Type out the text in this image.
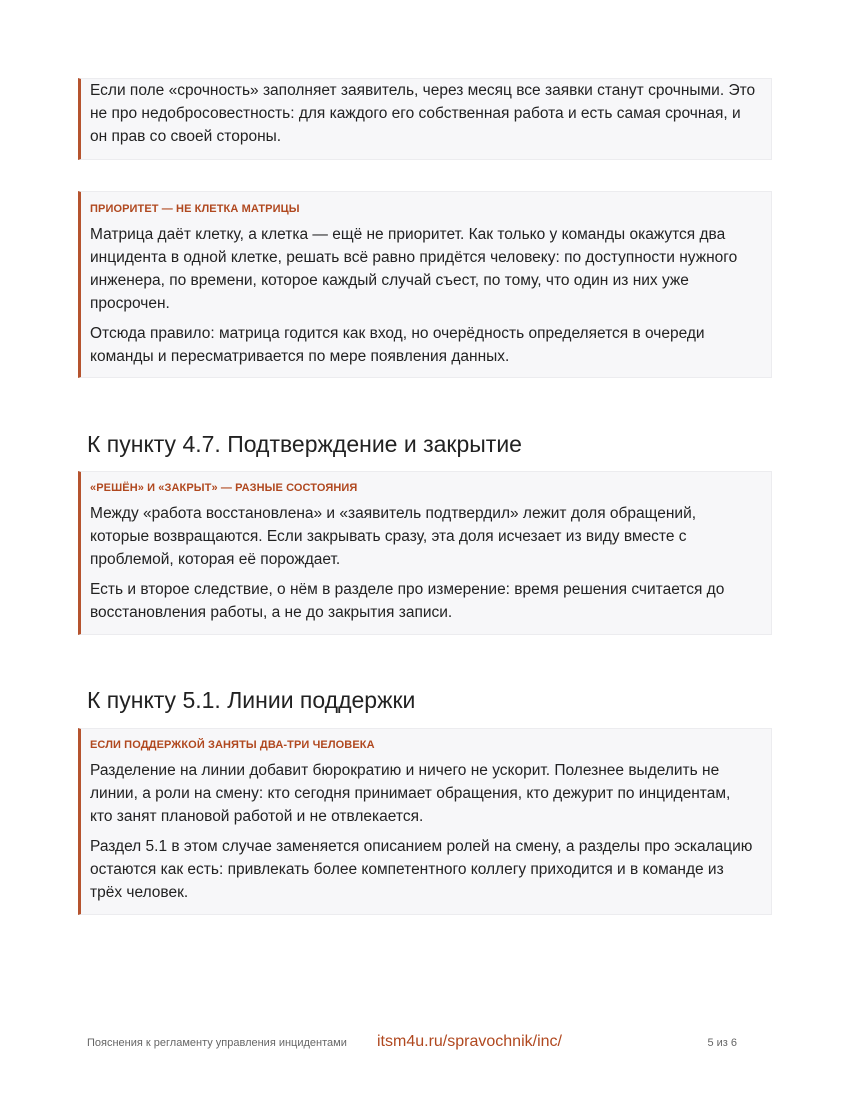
Если поле «срочность» заполняет заявитель, через месяц все заявки станут срочными. Это не про недобросовестность: для каждого его собственная работа и есть самая срочная, и он прав со своей стороны.

ПРИОРИТЕТ — НЕ КЛЕТКА МАТРИЦЫ

Матрица даёт клетку, а клетка — ещё не приоритет. Как только у команды окажутся два инцидента в одной клетке, решать всё равно придётся человеку: по доступности нужного инженера, по времени, которое каждый случай съест, по тому, что один из них уже просрочен.

Отсюда правило: матрица годится как вход, но очерёдность определяется в очереди команды и пересматривается по мере появления данных.

К пункту 4.7. Подтверждение и закрытие
«РЕШЁН» И «ЗАКРЫТ» — РАЗНЫЕ СОСТОЯНИЯ

Между «работа восстановлена» и «заявитель подтвердил» лежит доля обращений, которые возвращаются. Если закрывать сразу, эта доля исчезает из виду вместе с проблемой, которая её порождает.

Есть и второе следствие, о нём в разделе про измерение: время решения считается до восстановления работы, а не до закрытия записи.

К пункту 5.1. Линии поддержки
ЕСЛИ ПОДДЕРЖКОЙ ЗАНЯТЫ ДВА-ТРИ ЧЕЛОВЕКА

Разделение на линии добавит бюрократию и ничего не ускорит. Полезнее выделить не линии, а роли на смену: кто сегодня принимает обращения, кто дежурит по инцидентам, кто занят плановой работой и не отвлекается.

Раздел 5.1 в этом случае заменяется описанием ролей на смену, а разделы про эскалацию остаются как есть: привлекать более компетентного коллегу приходится и в команде из трёх человек.

Пояснения к регламенту управления инцидентами itsm4u.ru/spravochnik/inc/	5 из 6
